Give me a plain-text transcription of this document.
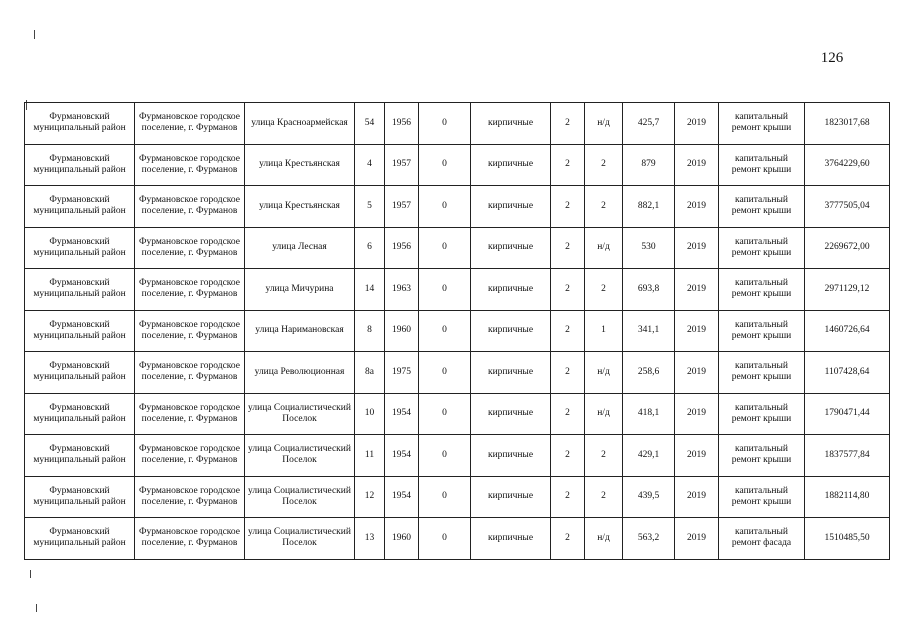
126
Фурмановский муниципальный район	Фурмановское городское поселение, г. Фурманов	улица Красноармейская	54	1956	0	кирпичные	2	н/д	425,7	2019	капитальный ремонт крыши	1823017,68
Фурмановский муниципальный район	Фурмановское городское поселение, г. Фурманов	улица Крестьянская	4	1957	0	кирпичные	2	2	879	2019	капитальный ремонт крыши	3764229,60
Фурмановский муниципальный район	Фурмановское городское поселение, г. Фурманов	улица Крестьянская	5	1957	0	кирпичные	2	2	882,1	2019	капитальный ремонт крыши	3777505,04
Фурмановский муниципальный район	Фурмановское городское поселение, г. Фурманов	улица Лесная	6	1956	0	кирпичные	2	н/д	530	2019	капитальный ремонт крыши	2269672,00
Фурмановский муниципальный район	Фурмановское городское поселение, г. Фурманов	улица Мичурина	14	1963	0	кирпичные	2	2	693,8	2019	капитальный ремонт крыши	2971129,12
Фурмановский муниципальный район	Фурмановское городское поселение, г. Фурманов	улица Наримановская	8	1960	0	кирпичные	2	1	341,1	2019	капитальный ремонт крыши	1460726,64
Фурмановский муниципальный район	Фурмановское городское поселение, г. Фурманов	улица Революционная	8а	1975	0	кирпичные	2	н/д	258,6	2019	капитальный ремонт крыши	1107428,64
Фурмановский муниципальный район	Фурмановское городское поселение, г. Фурманов	улица Социалистический Поселок	10	1954	0	кирпичные	2	н/д	418,1	2019	капитальный ремонт крыши	1790471,44
Фурмановский муниципальный район	Фурмановское городское поселение, г. Фурманов	улица Социалистический Поселок	11	1954	0	кирпичные	2	2	429,1	2019	капитальный ремонт крыши	1837577,84
Фурмановский муниципальный район	Фурмановское городское поселение, г. Фурманов	улица Социалистический Поселок	12	1954	0	кирпичные	2	2	439,5	2019	капитальный ремонт крыши	1882114,80
Фурмановский муниципальный район	Фурмановское городское поселение, г. Фурманов	улица Социалистический Поселок	13	1960	0	кирпичные	2	н/д	563,2	2019	капитальный ремонт фасада	1510485,50
